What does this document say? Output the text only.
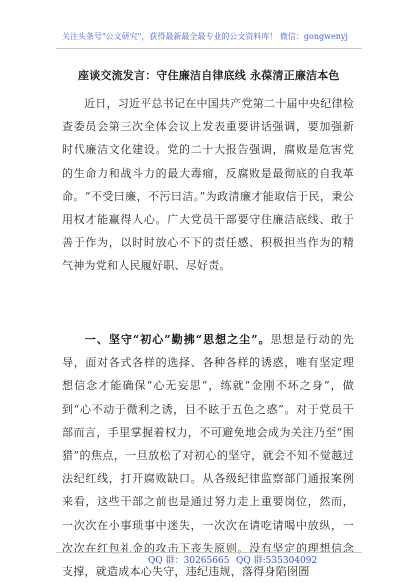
关注头条号"公文研究"，获得最新最全最专业的公文资料库！ 微信：gongwenyj
座谈交流发言：守住廉洁自律底线 永葆清正廉洁本色
近日，习近平总书记在中国共产党第二十届中央纪律检查委员会第三次全体会议上发表重要讲话强调，要加强新时代廉洁文化建设。党的二十大报告强调，腐败是危害党的生命力和战斗力的最大毒瘤，反腐败是最彻底的自我革命。“不受曰廉，不污曰洁。”为政清廉才能取信于民，秉公用权才能赢得人心。广大党员干部要守住廉洁底线、敢于善于作为，以时时放心不下的责任感、积极担当作为的精气神为党和人民履好职、尽好责。
一、坚守“初心”勤拂“思想之尘”。思想是行动的先导，面对各式各样的选择、各种各样的诱惑，唯有坚定理想信念才能确保“心无妄思”，练就“金刚不坏之身”，做到“心不动于微利之诱，目不眩于五色之惑”。对于党员干部而言，手里掌握着权力，不可避免地会成为关注乃至“围猎”的焦点，一旦放松了对初心的坚守，就会不知不觉越过法纪红线，打开腐败缺口。从各级纪律监察部门通报案例来看，这些干部之前也是通过努力走上重要岗位，然而，一次次在小事琐事中迷失，一次次在请吃请喝中放纵，一次次在红包礼金的攻击下丧失原则。没有坚定的理想信念支撑，就造成本心失守，违纪违规，落得身陷囹圄
QQ 群：30265665 QQ 群:535304092
